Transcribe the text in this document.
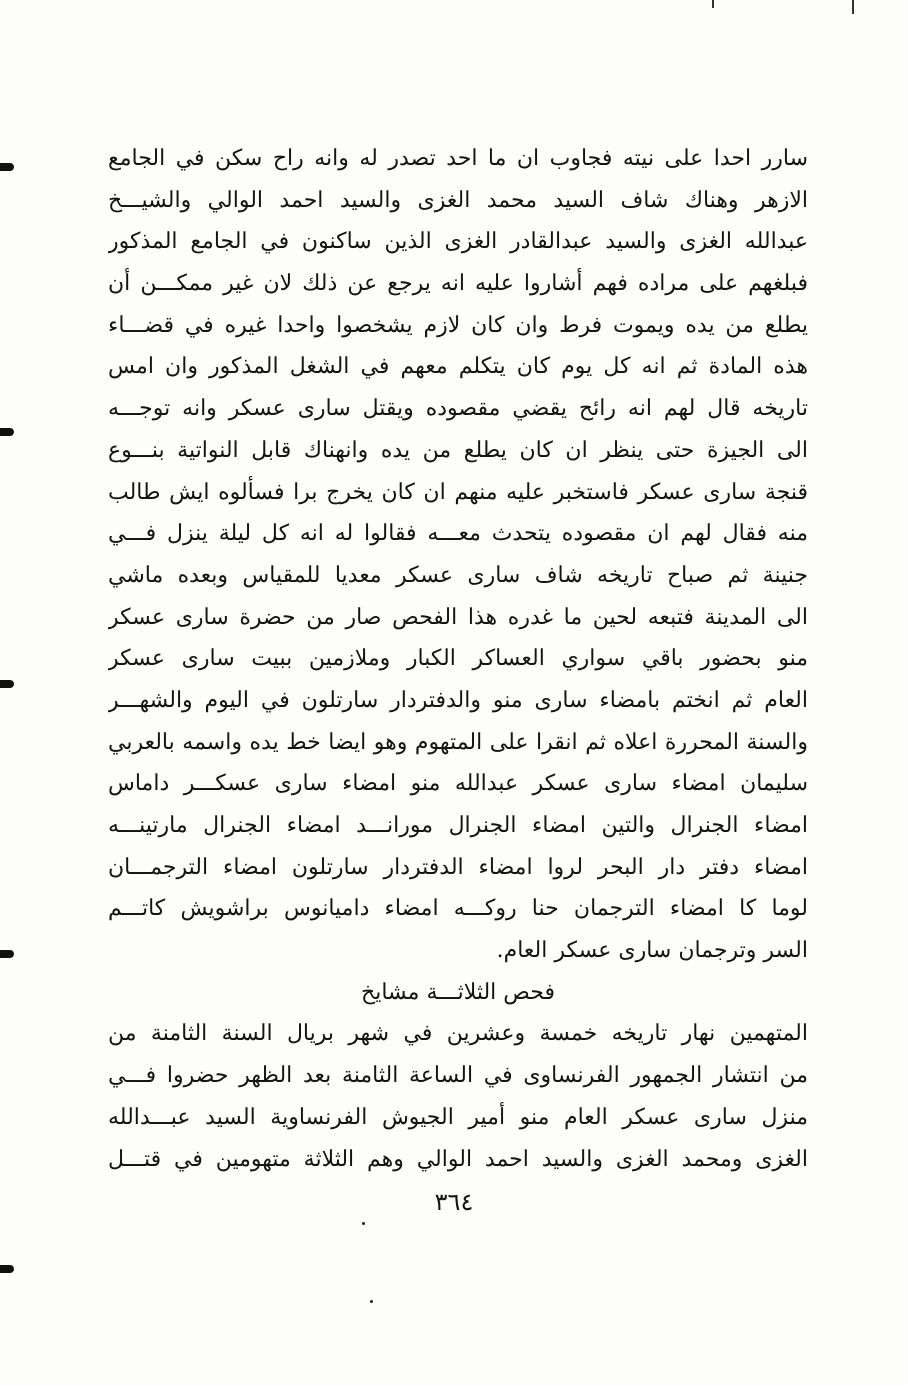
سارر احدا على نيته فجاوب ان ما احد تصدر له وانه راح سكن في الجامع
الازهر وهناك شاف السيد محمد الغزى والسيد احمد الوالي والشيـــخ
عبدالله الغزى والسيد عبدالقادر الغزى الذين ساكنون في الجامع المذكور
فبلغهم على مراده فهم أشاروا عليه انه يرجع عن ذلك لان غير ممكـــن أن
يطلع من يده ويموت فرط وان كان لازم يشخصوا واحدا غيره في قضـــاء
هذه المادة ثم انه كل يوم كان يتكلم معهم في الشغل المذكور وان امس
تاريخه قال لهم انه رائح يقضي مقصوده ويقتل سارى عسكر وانه توجـــه
الى الجيزة حتى ينظر ان كان يطلع من يده وانهناك قابل النواتية بنـــوع
قنجة سارى عسكر فاستخبر عليه منهم ان كان يخرج برا فسألوه ايش طالب
منه فقال لهم ان مقصوده يتحدث معـــه فقالوا له انه كل ليلة ينزل فـــي
جنينة ثم صباح تاريخه شاف سارى عسكر معديا للمقياس وبعده ماشي
الى المدينة فتبعه لحين ما غدره هذا الفحص صار من حضرة سارى عسكر
منو بحضور باقي سواري العساكر الكبار وملازمين ببيت سارى عسكر
العام ثم انختم بامضاء سارى منو والدفتردار سارتلون في اليوم والشهـــر
والسنة المحررة اعلاه ثم انقرا على المتهوم وهو ايضا خط يده واسمه بالعربي
سليمان امضاء سارى عسكر عبدالله منو امضاء سارى عسكـــر داماس
امضاء الجنرال والتين امضاء الجنرال مورانـــد امضاء الجنرال مارتينـــه
امضاء دفتر دار البحر لروا امضاء الدفتردار سارتلون امضاء الترجمـــان
لوما كا امضاء الترجمان حنا روكـــه امضاء داميانوس براشويش كاتـــم
السر وترجمان سارى عسكر العام.
فحص الثلاثـــة مشايخ
المتهمين نهار تاريخه خمسة وعشرين في شهر بريال السنة الثامنة من
من انتشار الجمهور الفرنساوى في الساعة الثامنة بعد الظهر حضروا فـــي
منزل سارى عسكر العام منو أمير الجيوش الفرنساوية السيد عبـــدالله
الغزى ومحمد الغزى والسيد احمد الوالي وهم الثلاثة متهومين في قتـــل
٣٦٤
